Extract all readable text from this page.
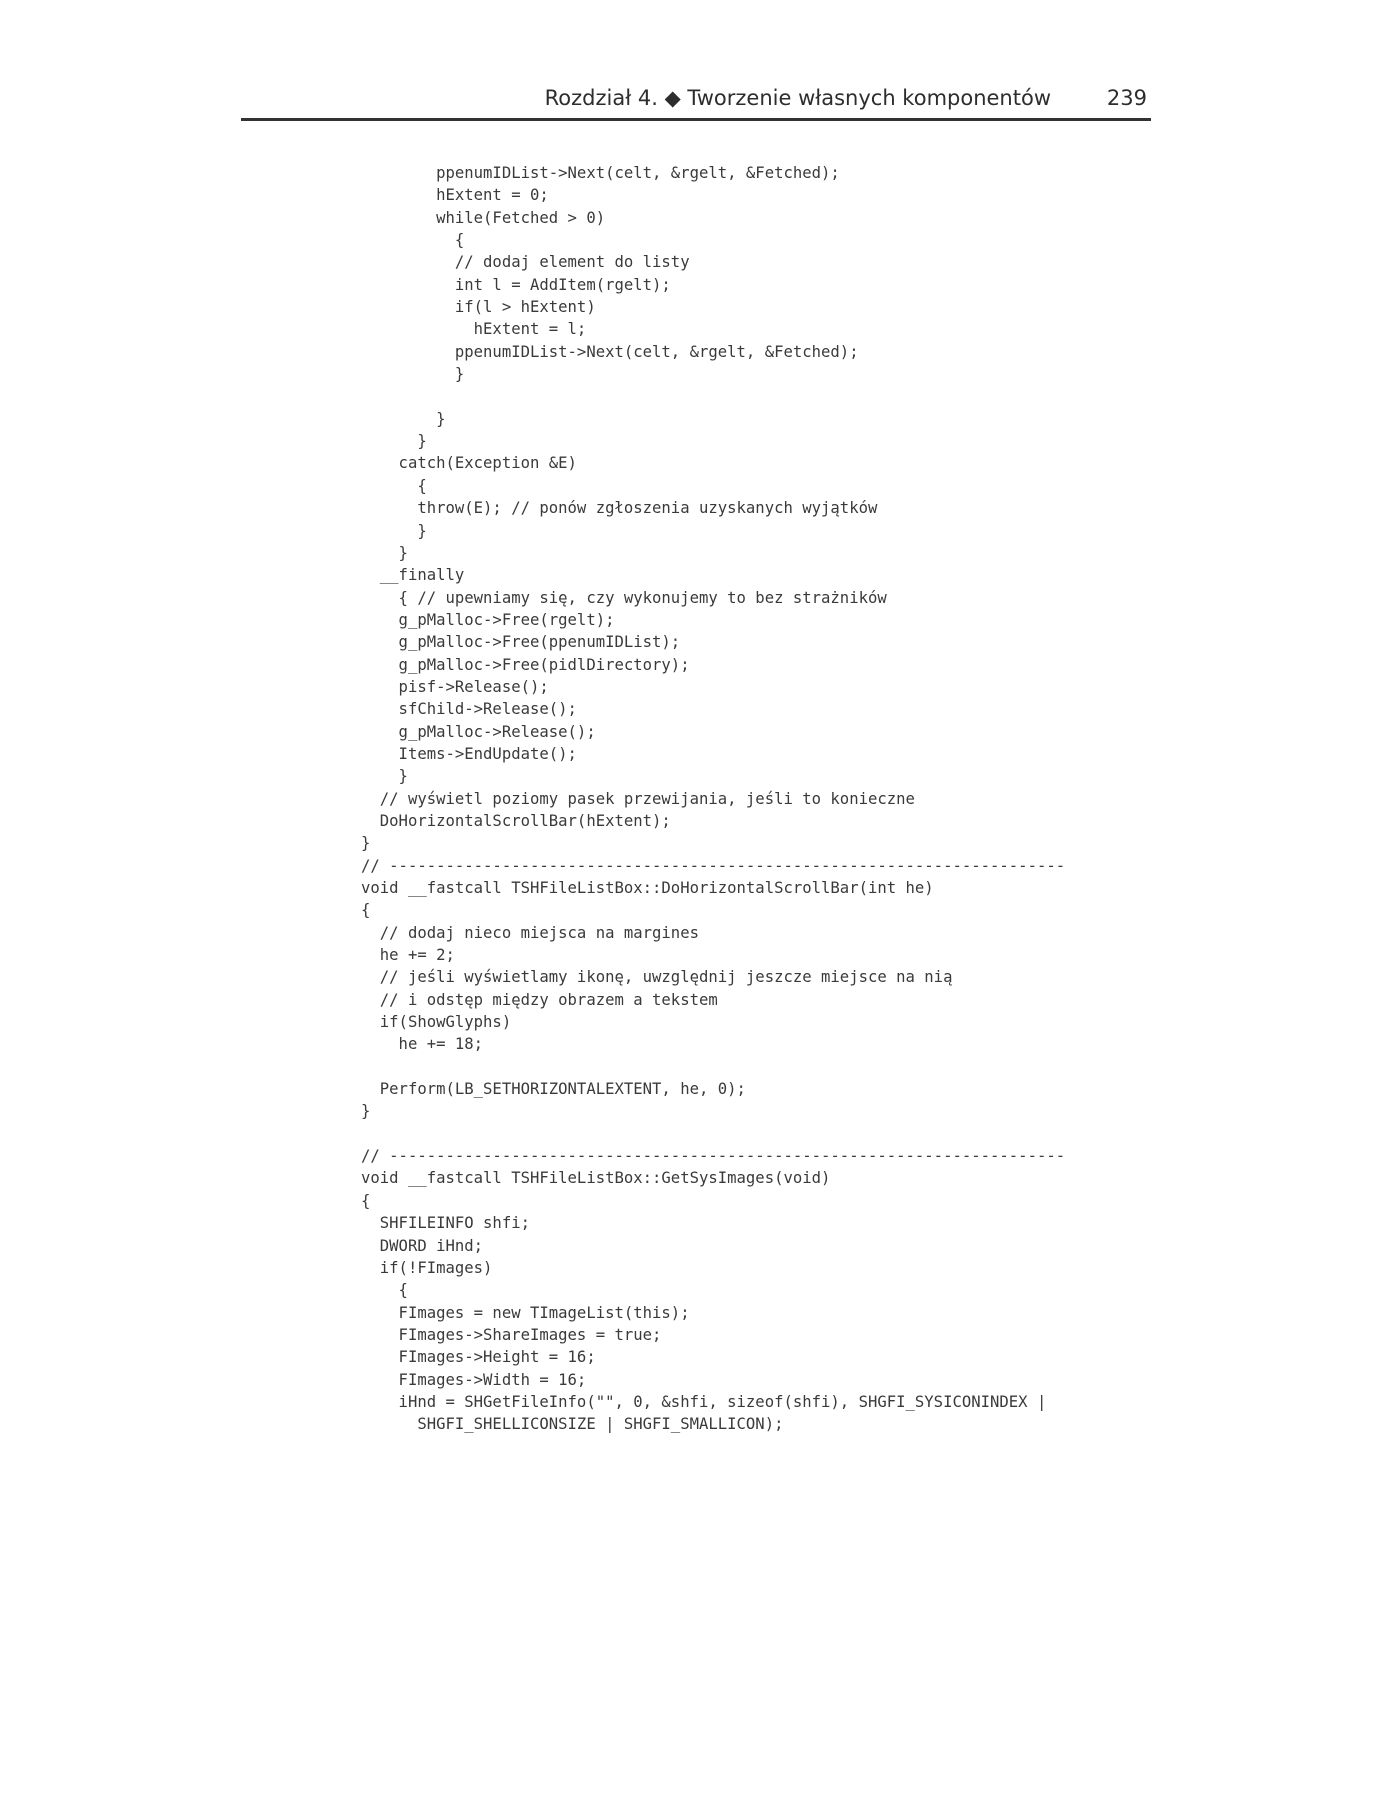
Rozdział 4. ◆ Tworzenie własnych komponentów	239
ppenumIDList->Next(celt, &rgelt, &Fetched);
hExtent = 0;
while(Fetched > 0)
{
// dodaj element do listy
int l = AddItem(rgelt);
if(l > hExtent)
hExtent = l;
ppenumIDList->Next(celt, &rgelt, &Fetched);
}
}
}
catch(Exception &E)
{
throw(E); // ponów zgłoszenia uzyskanych wyjątków
}
}
__finally
{ // upewniamy się, czy wykonujemy to bez strażników
g_pMalloc->Free(rgelt);
g_pMalloc->Free(ppenumIDList);
g_pMalloc->Free(pidlDirectory);
pisf->Release();
sfChild->Release();
g_pMalloc->Release();
Items->EndUpdate();
}
// wyświetl poziomy pasek przewijania, jeśli to konieczne
DoHorizontalScrollBar(hExtent);
}
// ------------------------------------------------------------------------
void __fastcall TSHFileListBox::DoHorizontalScrollBar(int he)
{
// dodaj nieco miejsca na margines
he += 2;
// jeśli wyświetlamy ikonę, uwzględnij jeszcze miejsce na nią
// i odstęp między obrazem a tekstem
if(ShowGlyphs)
he += 18;
Perform(LB_SETHORIZONTALEXTENT, he, 0);
}
// ------------------------------------------------------------------------
void __fastcall TSHFileListBox::GetSysImages(void)
{
SHFILEINFO shfi;
DWORD iHnd;
if(!FImages)
{
FImages = new TImageList(this);
FImages->ShareImages = true;
FImages->Height = 16;
FImages->Width = 16;
iHnd = SHGetFileInfo("", 0, &shfi, sizeof(shfi), SHGFI_SYSICONINDEX |
SHGFI_SHELLICONSIZE | SHGFI_SMALLICON);
